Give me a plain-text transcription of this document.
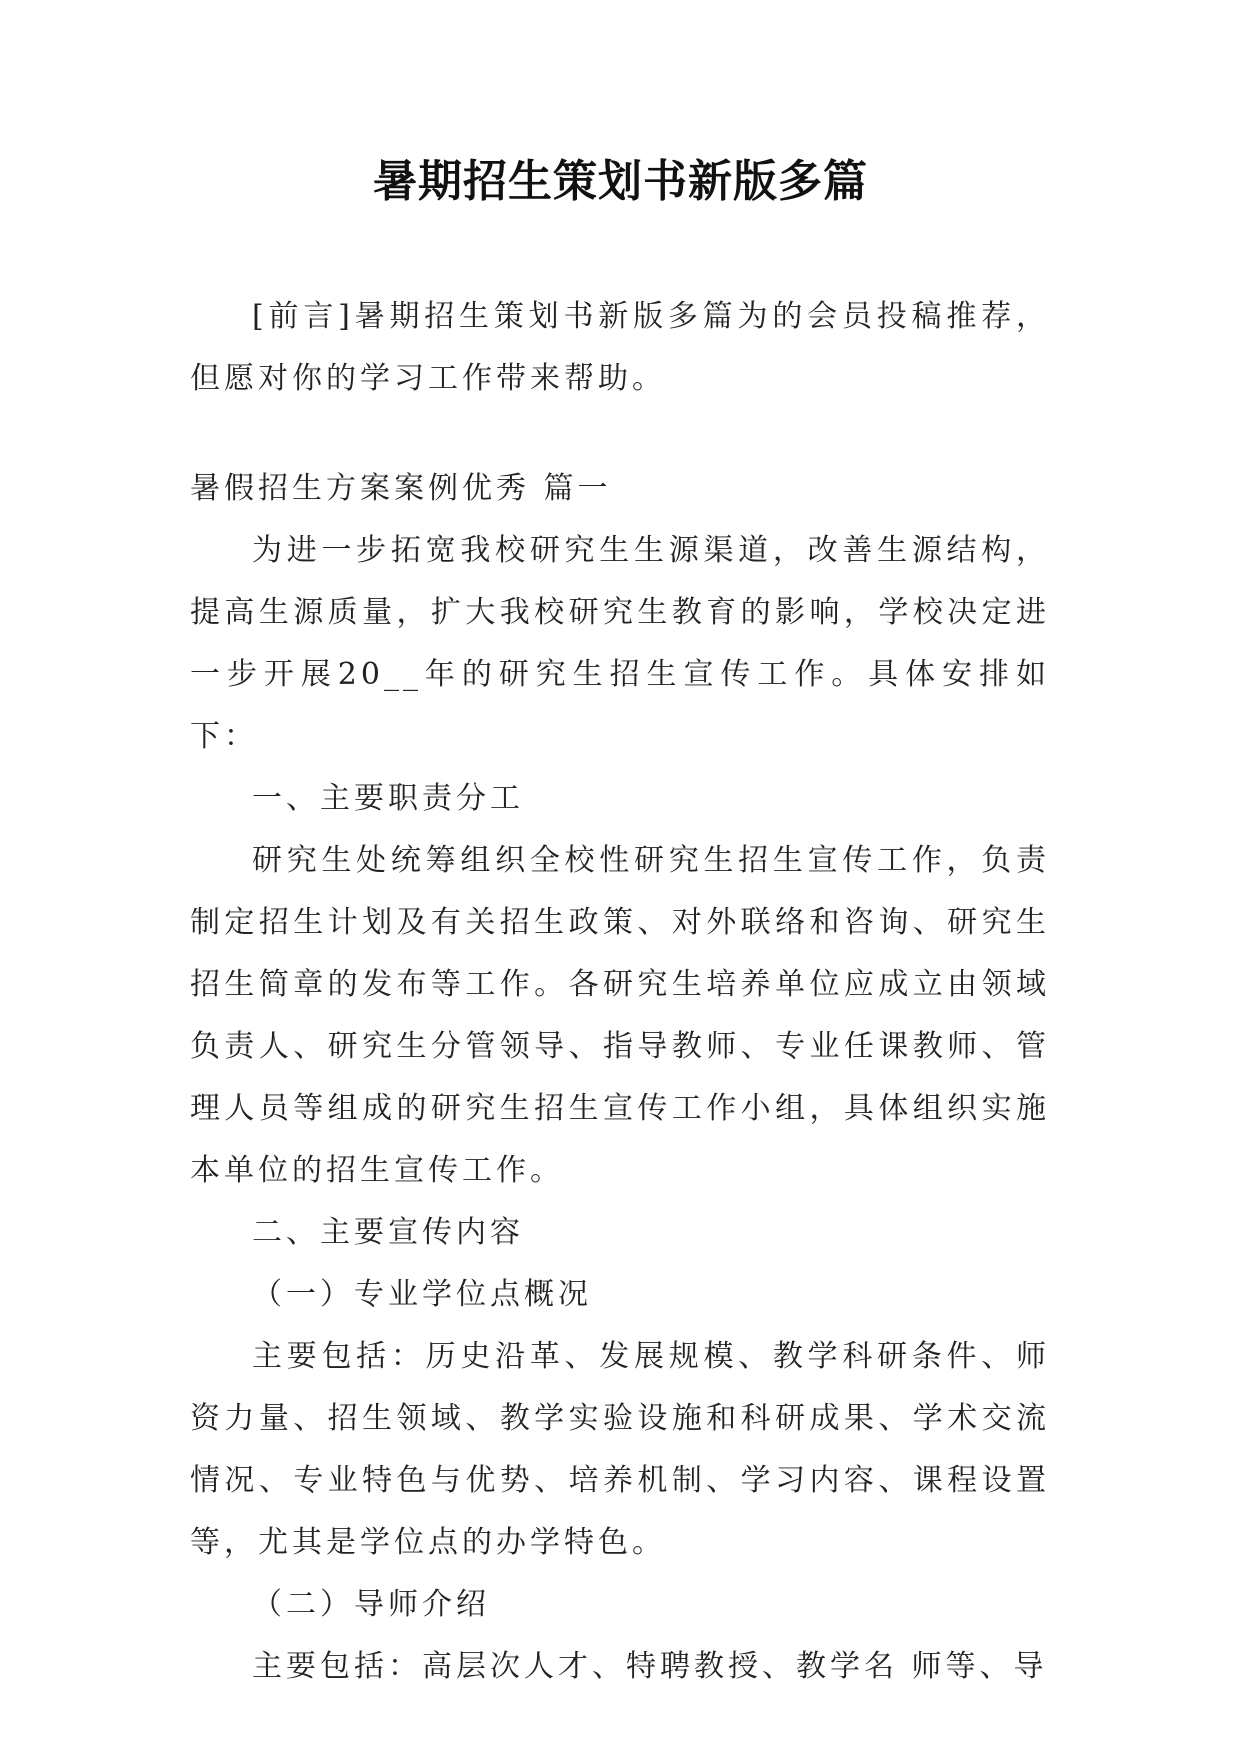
暑期招生策划书新版多篇

[前言]暑期招生策划书新版多篇为的会员投稿推荐，但愿对你的学习工作带来帮助。

暑假招生方案案例优秀 篇一

为进一步拓宽我校研究生生源渠道，改善生源结构，提高生源质量，扩大我校研究生教育的影响，学校决定进一步开展20__年的研究生招生宣传工作。具体安排如下：

一、主要职责分工

研究生处统筹组织全校性研究生招生宣传工作，负责制定招生计划及有关招生政策、对外联络和咨询、研究生招生简章的发布等工作。各研究生培养单位应成立由领域负责人、研究生分管领导、指导教师、专业任课教师、管理人员等组成的研究生招生宣传工作小组，具体组织实施本单位的招生宣传工作。

二、主要宣传内容

（一）专业学位点概况

主要包括：历史沿革、发展规模、教学科研条件、师资力量、招生领域、教学实验设施和科研成果、学术交流情况、专业特色与优势、培养机制、学习内容、课程设置等，尤其是学位点的办学特色。

（二）导师介绍

主要包括：高层次人才、特聘教授、教学名 师等、导
